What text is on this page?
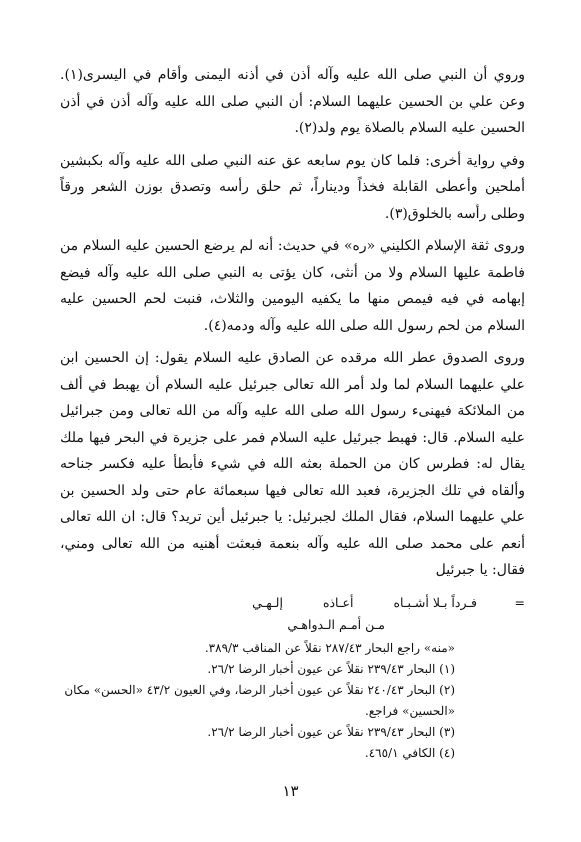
وروي أن النبي صلى الله عليه وآله أذن في أذنه اليمنى وأقام في اليسرى(١). وعن علي بن الحسين عليهما السلام: أن النبي صلى الله عليه وآله أذن في أذن الحسين عليه السلام بالصلاة يوم ولد(٢).

وفي رواية أخرى: فلما كان يوم سابعه عق عنه النبي صلى الله عليه وآله بكبشين أملحين وأعطى القابلة فخذاً وديناراً، ثم حلق رأسه وتصدق بوزن الشعر ورقاً وطلى رأسه بالخلوق(٣).

وروى ثقة الإسلام الكليني «ره» في حديث: أنه لم يرضع الحسين عليه السلام من فاطمة عليها السلام ولا من أنثى، كان يؤتى به النبي صلى الله عليه وآله فيضع إبهامه في فيه فيمص منها ما يكفيه اليومين والثلاث، فنبت لحم الحسين عليه السلام من لحم رسول الله صلى الله عليه وآله ودمه(٤).

وروى الصدوق عطر الله مرقده عن الصادق عليه السلام يقول: إن الحسين ابن علي عليهما السلام لما ولد أمر الله تعالى جبرئيل عليه السلام أن يهبط في ألف من الملائكة فيهنىء رسول الله صلى الله عليه وآله من الله تعالى ومن جبرائيل عليه السلام. قال: فهبط جبرئيل عليه السلام فمر على جزيرة في البحر فيها ملك يقال له: فطرس كان من الحملة بعثه الله في شيء فأبطأ عليه فكسر جناحه وألقاه في تلك الجزيرة، فعبد الله تعالى فيها سبعمائة عام حتى ولد الحسين بن علي عليهما السلام، فقال الملك لجبرئيل: يا جبرئيل أين تريد؟ قال: ان الله تعالى أنعم على محمد صلى الله عليه وآله بنعمة فبعثت أهنيه من الله تعالى ومني، فقال: يا جبرئيل

=
فـرداً بـلا أشـبـاه
أعـاذه
إلـهـي
مـن أمـم الـدواهـي

«منه» راجع البحار ٢٨٧/٤٣ نقلاً عن المناقب ٣٨٩/٣.

(١) البحار ٢٣٩/٤٣ نقلاً عن عيون أخبار الرضا ٢٦/٢.

(٢) البحار ٢٤٠/٤٣ نقلاً عن عيون أخبار الرضا، وفي العيون ٤٣/٢ «الحسن» مكان «الحسين» فراجع.

(٣) البحار ٢٣٩/٤٣ نقلاً عن عيون أخبار الرضا ٢٦/٢.

(٤) الكافي ٤٦٥/١.

١٣
